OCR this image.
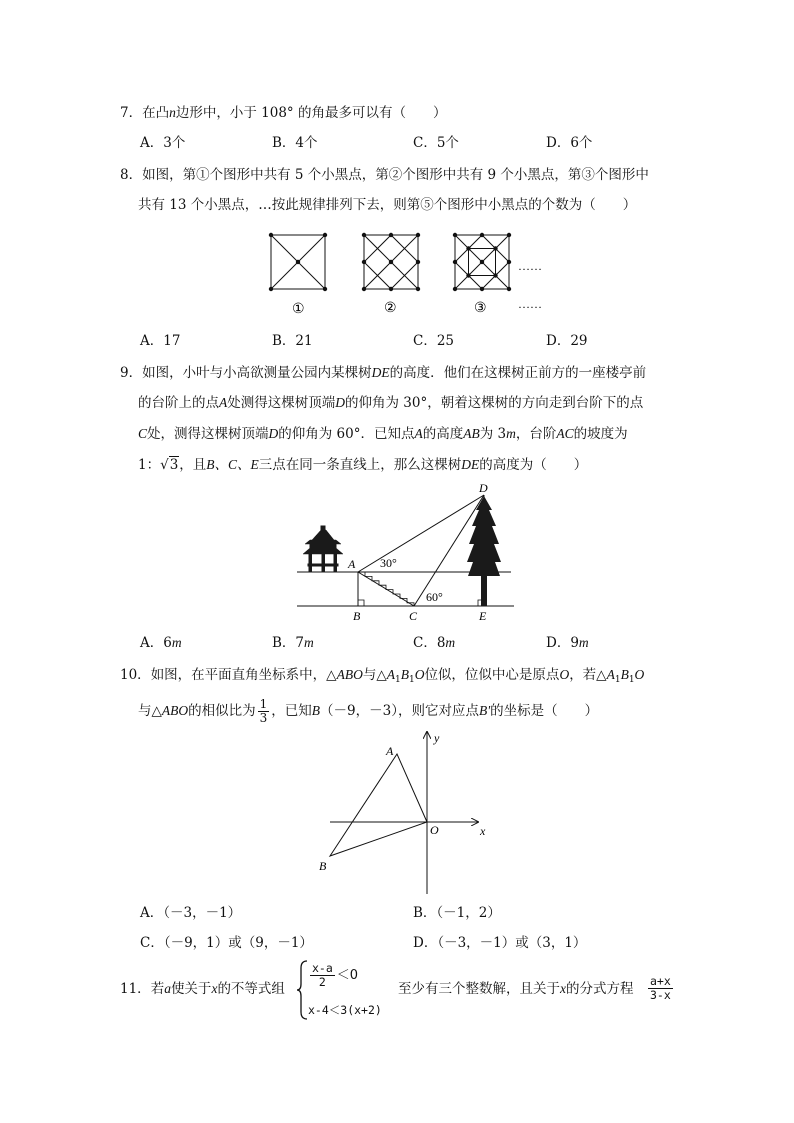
7．在凸n边形中，小于 108° 的角最多可以有（　　）
A．3个	B．4个	C．5个	D．6个
8．如图，第①个图形中共有 5 个小黑点，第②个图形中共有 9 个小黑点，第③个图形中
共有 13 个小黑点，…按此规律排列下去，则第⑤个图形中小黑点的个数为（　　）
……
……
①	②	③
A．17	B．21	C．25	D．29
9．如图，小叶与小高欲测量公园内某棵树DE的高度．他们在这棵树正前方的一座楼亭前
的台阶上的点A处测得这棵树顶端D的仰角为 30°，朝着这棵树的方向走到台阶下的点
C处，测得这棵树顶端D的仰角为 60°．已知点A的高度AB为 3m，台阶AC的坡度为
1：√3，且B、C、E三点在同一条直线上，那么这棵树DE的高度为（　　）
D
A
B	C	E
30°
60°
A．6m	B．7m	C．8m	D．9m
10．如图，在平面直角坐标系中，△ABO与$\triangle A_1B_1O$位似，位似中心是原点O，若$\triangle A_1B_1O$
与△ABO的相似比为 $\frac{1}{3}$ ，已知B（－9，－3），则它对应点B'的坐标是（　　）
A
B
O	x
y
A．（－3，－1）	B．（－1，2）
C．（－9，1）或（9，－1）	D．（－3，－1）或（3，1）
11．若a使关于x的不等式组 $\frac{x-a}{2} <0$
x-4＜3(x+2)
至少有三个整数解，且关于x的分式方程 $\frac{a+x}{3-x}$
